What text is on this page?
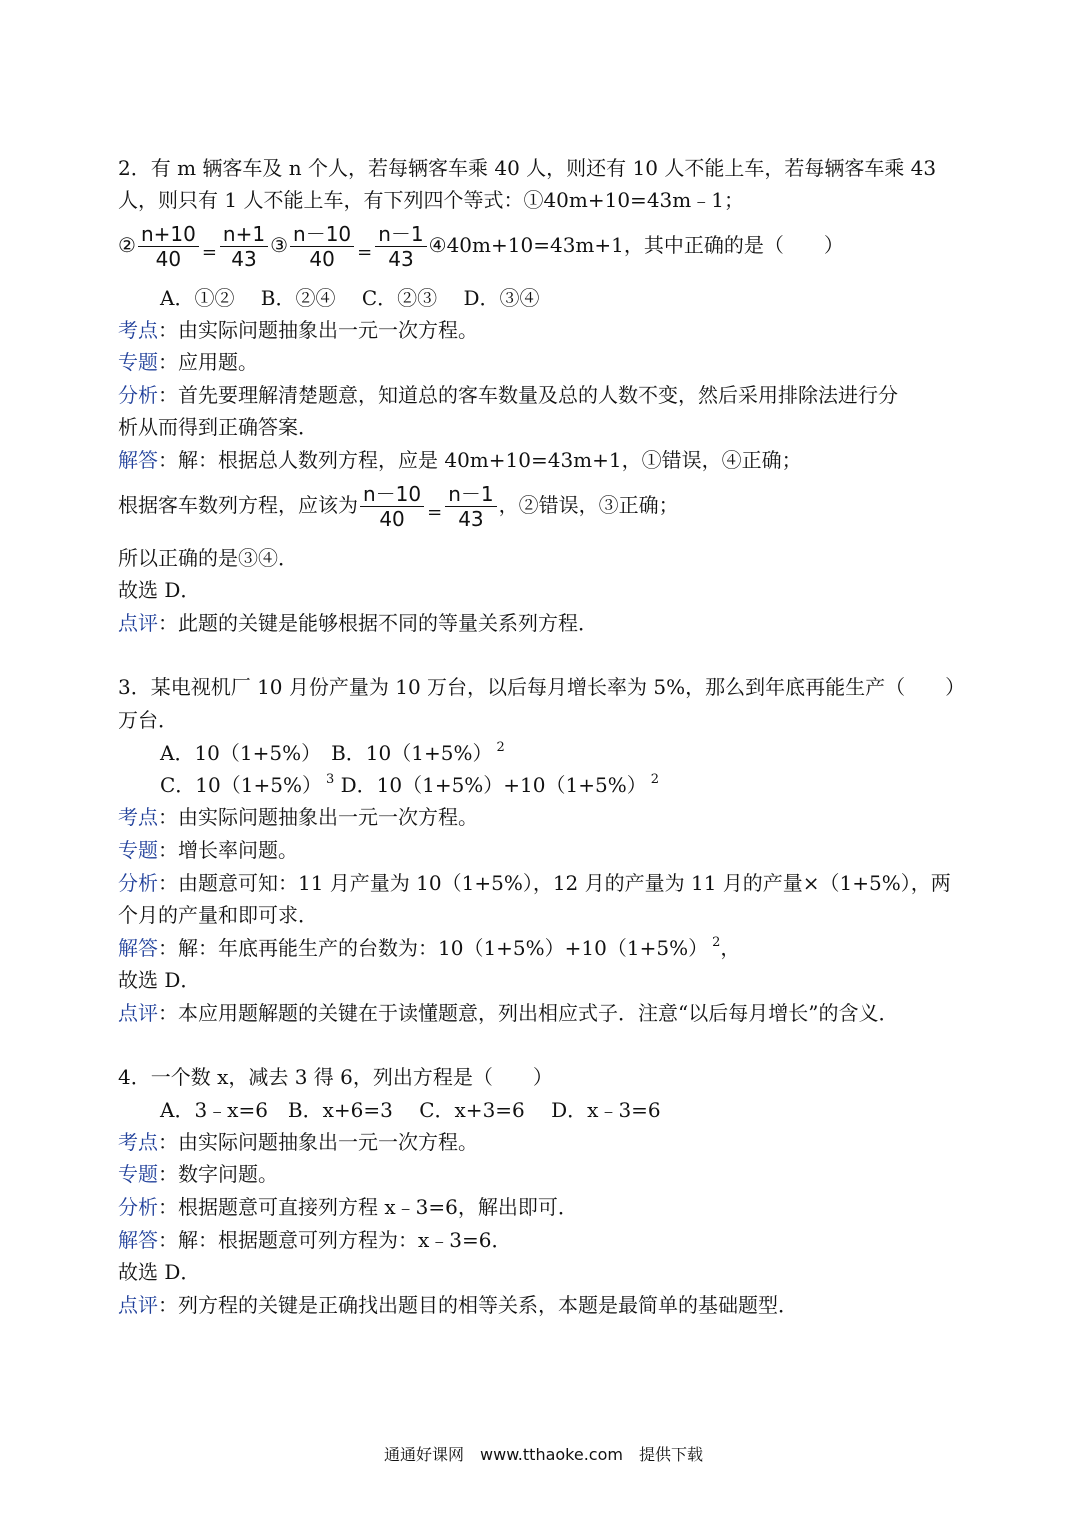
2．有 m 辆客车及 n 个人，若每辆客车乘 40 人，则还有 10 人不能上车，若每辆客车乘 43
人，则只有 1 人不能上车，有下列四个等式：①40m+10=43m﹣1；
② $\frac{n+10}{40} = \frac{n+1}{43}$ ③ $\frac{n-10}{40} = \frac{n-1}{43}$ ④40m+10=43m+1，其中正确的是（　　）
A．①②　 B．②④　 C．②③　 D．③④
考点：由实际问题抽象出一元一次方程。
专题：应用题。
分析：首先要理解清楚题意，知道总的客车数量及总的人数不变，然后采用排除法进行分
析从而得到正确答案．
解答：解：根据总人数列方程，应是 40m+10=43m+1，①错误，④正确；
根据客车数列方程，应该为 $\frac{n-10}{40} = \frac{n-1}{43}$ ，②错误，③正确；
所以正确的是③④．
故选 D．
点评：此题的关键是能够根据不同的等量关系列方程．
3．某电视机厂 10 月份产量为 10 万台，以后每月增长率为 5%，那么到年底再能生产（　　）
万台．
A．10（1+5%）　B．10（1+5%） $^2$
C．10（1+5%） $^3$ D．10（1+5%）+10（1+5%） $^2$
考点：由实际问题抽象出一元一次方程。
专题：增长率问题。
分析：由题意可知：11 月产量为 10（1+5%），12 月的产量为 11 月的产量×（1+5%），两
个月的产量和即可求．
解答：解：年底再能生产的台数为：10（1+5%）+10（1+5%） $^2$，
故选 D．
点评：本应用题解题的关键在于读懂题意，列出相应式子．注意“以后每月增长”的含义．
4．一个数 x，减去 3 得 6，列出方程是（　　）
A．3﹣x=6　B．x+6=3　 C．x+3=6　 D．x﹣3=6
考点：由实际问题抽象出一元一次方程。
专题：数字问题。
分析：根据题意可直接列方程 x﹣3=6，解出即可．
解答：解：根据题意可列方程为：x﹣3=6．
故选 D．
点评：列方程的关键是正确找出题目的相等关系，本题是最简单的基础题型．
通通好课网　www.tthaoke.com　提供下载
